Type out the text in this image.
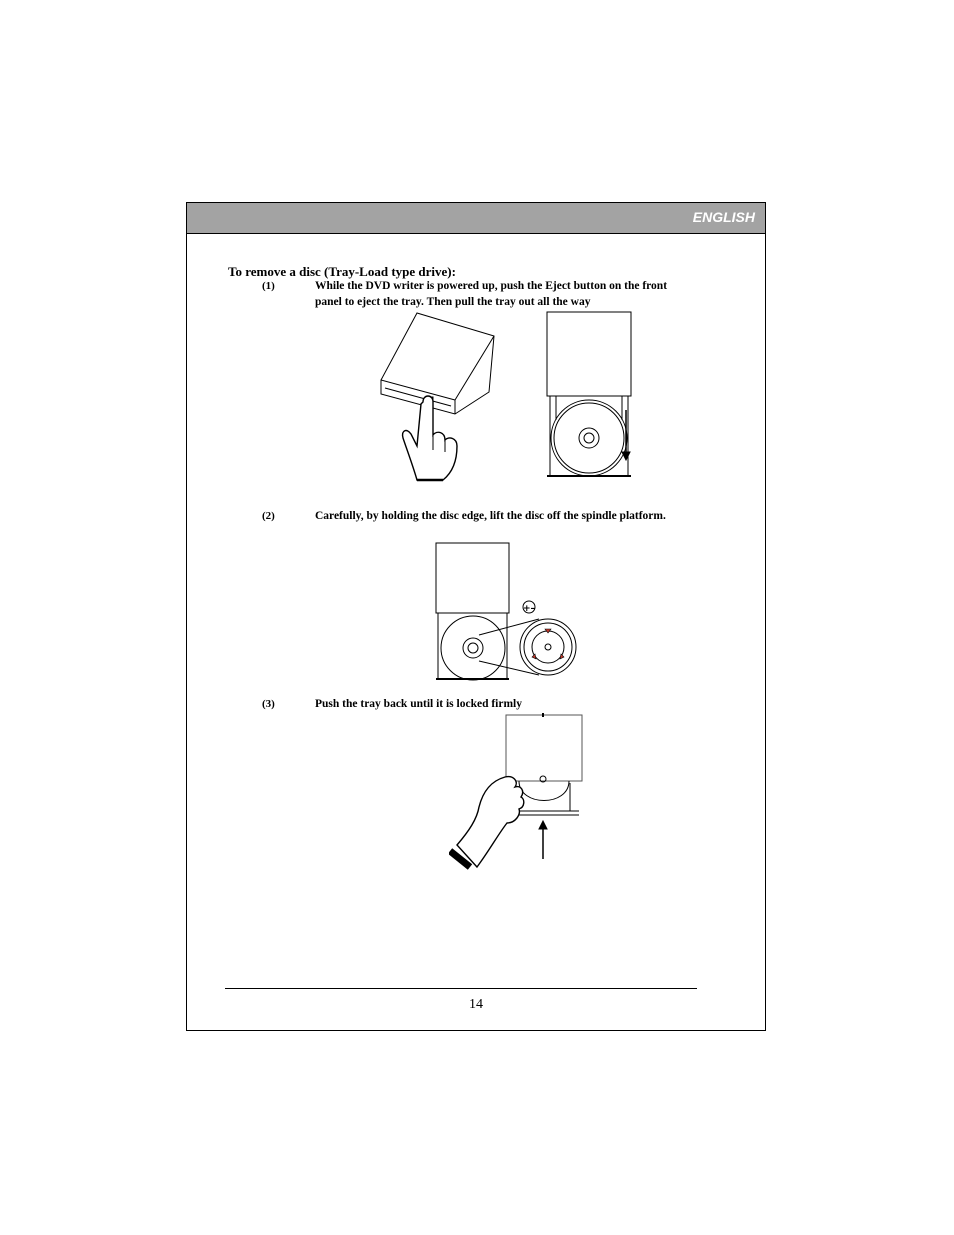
ENGLISH
To remove a disc (Tray-Load type drive):
(1)	While the DVD writer is powered up, push the Eject button on the front panel to eject the tray. Then pull the tray out all the way
(2)	Carefully, by holding the disc edge, lift the disc off the spindle platform.
+–
(3)	Push the tray back until it is locked firmly
14
